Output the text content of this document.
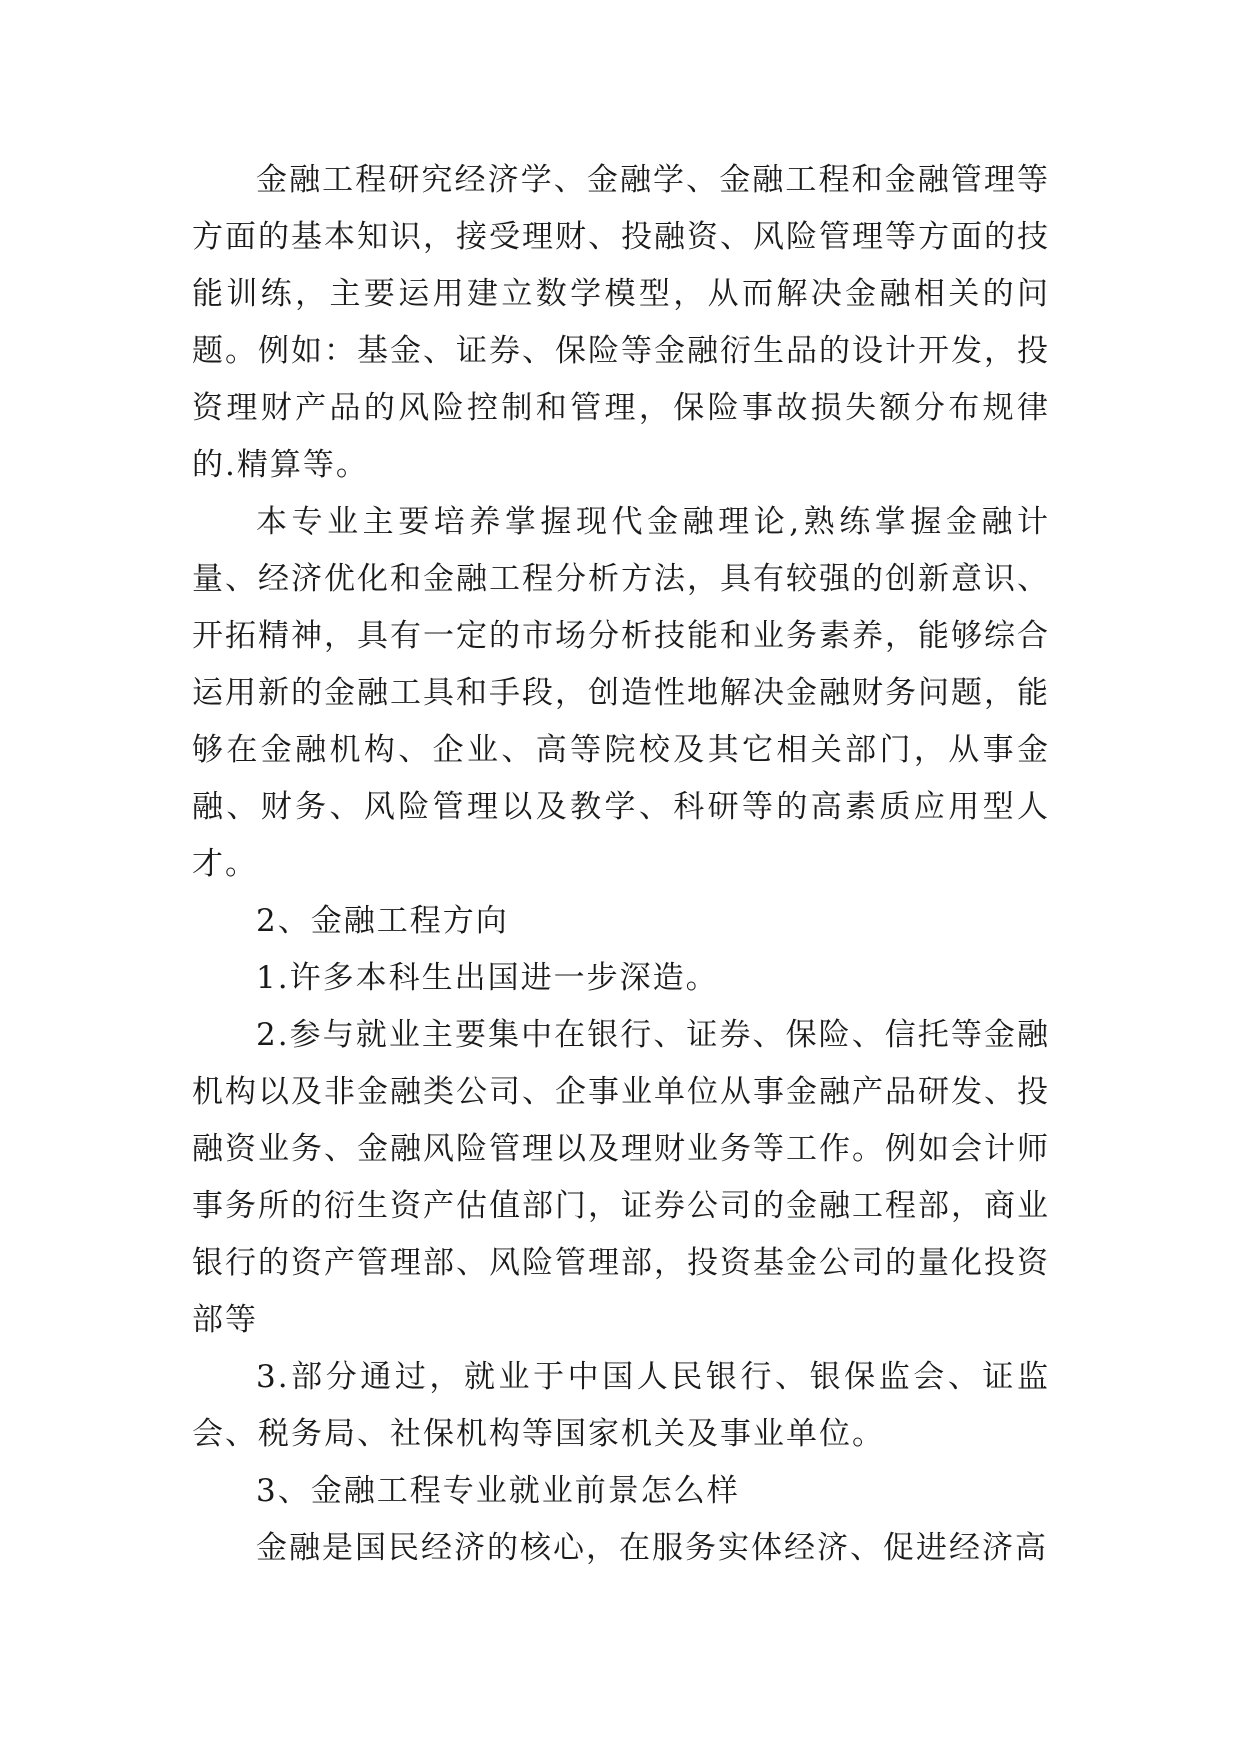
金融工程研究经济学、金融学、金融工程和金融管理等方面的基本知识，接受理财、投融资、风险管理等方面的技能训练，主要运用建立数学模型，从而解决金融相关的问题。例如：基金、证券、保险等金融衍生品的设计开发，投资理财产品的风险控制和管理，保险事故损失额分布规律的.精算等。

本专业主要培养掌握现代金融理论,熟练掌握金融计量、经济优化和金融工程分析方法，具有较强的创新意识、开拓精神，具有一定的市场分析技能和业务素养，能够综合运用新的金融工具和手段，创造性地解决金融财务问题，能够在金融机构、企业、高等院校及其它相关部门，从事金融、财务、风险管理以及教学、科研等的高素质应用型人才。

2、金融工程方向

1.许多本科生出国进一步深造。

2.参与就业主要集中在银行、证券、保险、信托等金融机构以及非金融类公司、企事业单位从事金融产品研发、投融资业务、金融风险管理以及理财业务等工作。例如会计师事务所的衍生资产估值部门，证券公司的金融工程部，商业银行的资产管理部、风险管理部，投资基金公司的量化投资部等

3.部分通过，就业于中国人民银行、银保监会、证监会、税务局、社保机构等国家机关及事业单位。

3、金融工程专业就业前景怎么样

金融是国民经济的核心，在服务实体经济、促进经济高
